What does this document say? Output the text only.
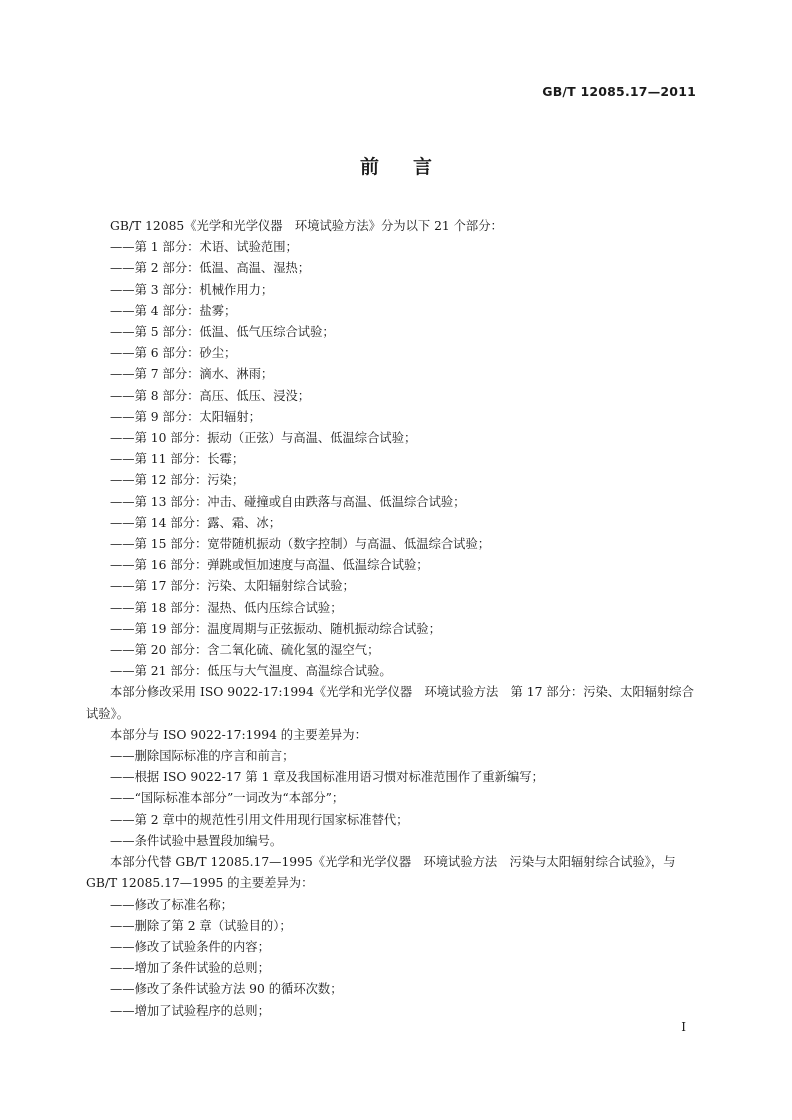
GB/T 12085.17—2011
前言

GB/T 12085《光学和光学仪器　环境试验方法》分为以下 21 个部分：

——第 1 部分：术语、试验范围；

——第 2 部分：低温、高温、湿热；

——第 3 部分：机械作用力；

——第 4 部分：盐雾；

——第 5 部分：低温、低气压综合试验；

——第 6 部分：砂尘；

——第 7 部分：滴水、淋雨；

——第 8 部分：高压、低压、浸没；

——第 9 部分：太阳辐射；

——第 10 部分：振动（正弦）与高温、低温综合试验；

——第 11 部分：长霉；

——第 12 部分：污染；

——第 13 部分：冲击、碰撞或自由跌落与高温、低温综合试验；

——第 14 部分：露、霜、冰；

——第 15 部分：宽带随机振动（数字控制）与高温、低温综合试验；

——第 16 部分：弹跳或恒加速度与高温、低温综合试验；

——第 17 部分：污染、太阳辐射综合试验；

——第 18 部分：湿热、低内压综合试验；

——第 19 部分：温度周期与正弦振动、随机振动综合试验；

——第 20 部分：含二氧化硫、硫化氢的湿空气；

——第 21 部分：低压与大气温度、高温综合试验。

本部分修改采用 ISO 9022-17:1994《光学和光学仪器　环境试验方法　第 17 部分：污染、太阳辐射综合试验》。

本部分与 ISO 9022-17:1994 的主要差异为：

——删除国际标准的序言和前言；

——根据 ISO 9022-17 第 1 章及我国标准用语习惯对标准范围作了重新编写；

——“国际标准本部分”一词改为“本部分”；

——第 2 章中的规范性引用文件用现行国家标准替代；

——条件试验中悬置段加编号。

本部分代替 GB/T 12085.17—1995《光学和光学仪器　环境试验方法　污染与太阳辐射综合试验》，与 GB/T 12085.17—1995 的主要差异为：

——修改了标准名称；

——删除了第 2 章（试验目的）；

——修改了试验条件的内容；

——增加了条件试验的总则；

——修改了条件试验方法 90 的循环次数；

——增加了试验程序的总则；

I
